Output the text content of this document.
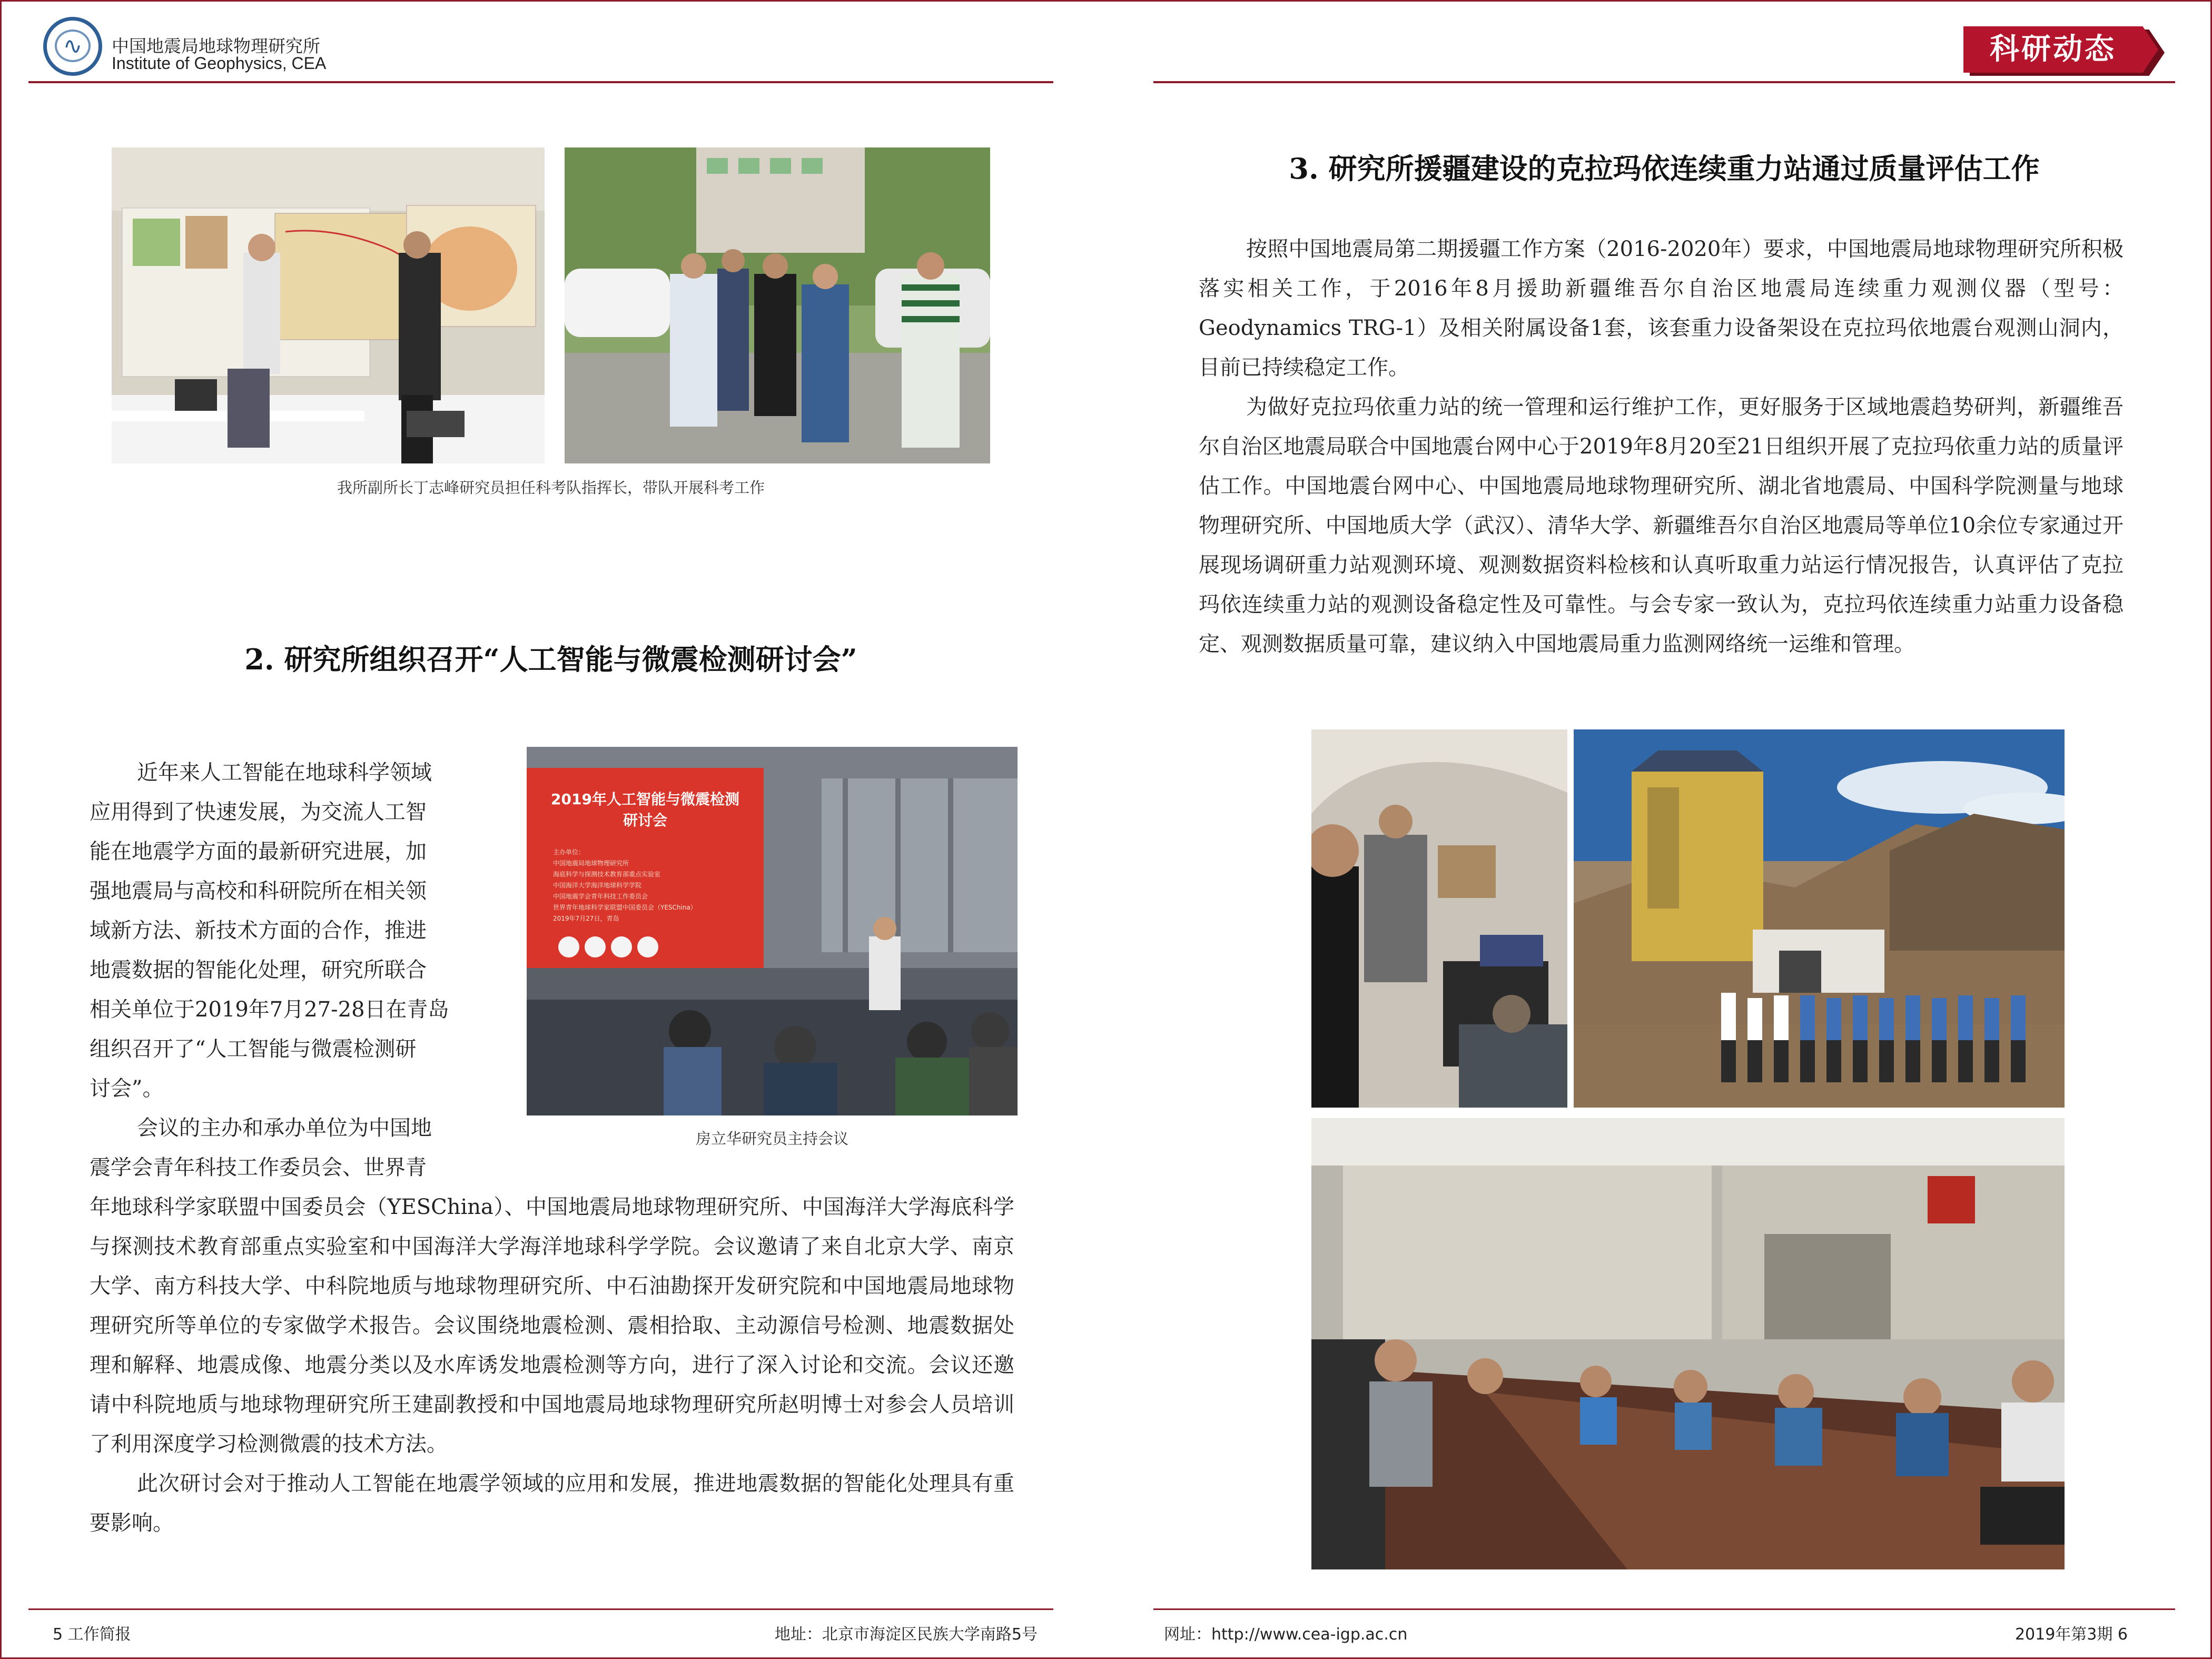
∿	中国地震局地球物理研究所
Institute of Geophysics, CEA	科研动态
我所副所长丁志峰研究员担任科考队指挥长，带队开展科考工作
2. 研究所组织召开“人工智能与微震检测研讨会”
近年来人工智能在地球科学领域
应用得到了快速发展，为交流人工智
能在地震学方面的最新研究进展，加
强地震局与高校和科研院所在相关领
域新方法、新技术方面的合作，推进
地震数据的智能化处理，研究所联合
相关单位于2019年7月27-28日在青岛
组织召开了“人工智能与微震检测研
讨会”。
会议的主办和承办单位为中国地
震学会青年科技工作委员会、世界青
2019年人工智能与微震检测
研讨会
主办单位：
中国地震局地球物理研究所
海底科学与探测技术教育部重点实验室
中国海洋大学海洋地球科学学院
中国地震学会青年科技工作委员会
世界青年地球科学家联盟中国委员会（YESChina）
2019年7月27日，青岛
房立华研究员主持会议

年地球科学家联盟中国委员会（YESChina）、中国地震局地球物理研究所、中国海洋大学海底科学与探测技术教育部重点实验室和中国海洋大学海洋地球科学学院。会议邀请了来自北京大学、南京大学、南方科技大学、中科院地质与地球物理研究所、中石油勘探开发研究院和中国地震局地球物理研究所等单位的专家做学术报告。会议围绕地震检测、震相拾取、主动源信号检测、地震数据处理和解释、地震成像、地震分类以及水库诱发地震检测等方向，进行了深入讨论和交流。会议还邀请中科院地质与地球物理研究所王建副教授和中国地震局地球物理研究所赵明博士对参会人员培训了利用深度学习检测微震的技术方法。

此次研讨会对于推动人工智能在地震学领域的应用和发展，推进地震数据的智能化处理具有重要影响。

3. 研究所援疆建设的克拉玛依连续重力站通过质量评估工作

按照中国地震局第二期援疆工作方案（2016-2020年）要求，中国地震局地球物理研究所积极落实相关工作，于2016年8月援助新疆维吾尔自治区地震局连续重力观测仪器（型号：Geodynamics TRG-1）及相关附属设备1套，该套重力设备架设在克拉玛依地震台观测山洞内，目前已持续稳定工作。

为做好克拉玛依重力站的统一管理和运行维护工作，更好服务于区域地震趋势研判，新疆维吾尔自治区地震局联合中国地震台网中心于2019年8月20至21日组织开展了克拉玛依重力站的质量评估工作。中国地震台网中心、中国地震局地球物理研究所、湖北省地震局、中国科学院测量与地球物理研究所、中国地质大学（武汉）、清华大学、新疆维吾尔自治区地震局等单位10余位专家通过开展现场调研重力站观测环境、观测数据资料检核和认真听取重力站运行情况报告，认真评估了克拉玛依连续重力站的观测设备稳定性及可靠性。与会专家一致认为，克拉玛依连续重力站重力设备稳定、观测数据质量可靠，建议纳入中国地震局重力监测网络统一运维和管理。

5 工作简报	地址：北京市海淀区民族大学南路5号	网址：http://www.cea-igp.ac.cn	2019年第3期 6
